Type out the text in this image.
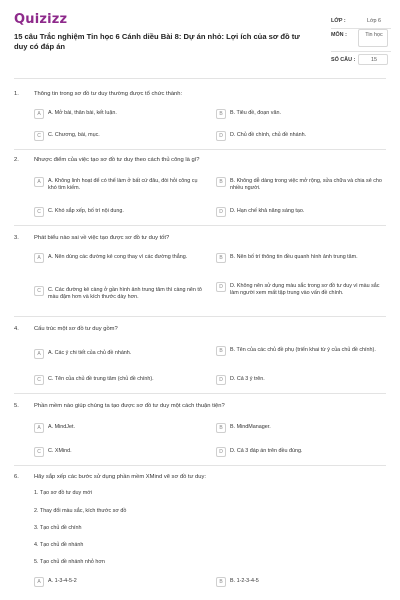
Quizizz
15 câu Trắc nghiệm Tin học 6 Cánh diều Bài 8: Dự án nhỏ: Lợi ích của sơ đồ tư duy có đáp án
LỚP :	Lớp 6
MÔN :	Tin học
SỐ CÂU :	15
1.	Thông tin trong sơ đồ tư duy thường được tổ chức thành:
A	A. Mở bài, thân bài, kết luận.	B	B. Tiêu đề, đoạn văn.
C	C. Chương, bài, mục.	D	D. Chủ đề chính, chủ đề nhánh.
2.	Nhược điểm của việc tạo sơ đồ tư duy theo cách thủ công là gì?
A	A. Không linh hoạt để có thể làm ở bất cứ đâu, đòi hỏi công cụ khó tìm kiếm.
B	B. Không dễ dàng trong việc mở rộng, sửa chữa và chia sẻ cho nhiều người.
C	C. Khó sắp xếp, bố trí nội dung.	D	D. Hạn chế khả năng sáng tạo.
3.	Phát biểu nào sai về việc tạo được sơ đồ tư duy tốt?
A	A. Nên dùng các đường kẻ cong thay vì các đường thẳng.	B	B. Nên bố trí thông tin đều quanh hình ảnh trung tâm.
C	C. Các đường kẻ càng ở gần hình ảnh trung tâm thì càng nên tô màu đậm hơn và kích thước dày hơn.
D	D. Không nên sử dụng màu sắc trong sơ đồ tư duy vì màu sắc làm người xem mất tập trung vào vấn đề chính.
4.	Cấu trúc một sơ đồ tư duy gồm?
A	A. Các ý chi tiết của chủ đề nhánh.	B	B. Tên của các chủ đề phụ (triển khai từ ý của chủ đề chính).
C	C. Tên của chủ đề trung tâm (chủ đề chính).	D	D. Cả 3 ý trên.
5.	Phần mềm nào giúp chúng ta tạo được sơ đồ tư duy một cách thuận tiện?
A	A. MindJet.	B	B. MindManager.
C	C. XMind.	D	D. Cả 3 đáp án trên đều đúng.
6.	Hãy sắp xếp các bước sử dụng phần mềm XMind vẽ sơ đồ tư duy:
1. Tạo sơ đồ tư duy mới
2. Thay đổi màu sắc, kích thước sơ đồ
3. Tạo chủ đề chính
4. Tạo chủ đề nhánh
5. Tạo chủ đề nhánh nhỏ hơn
A	A. 1-3-4-5-2	B	B. 1-2-3-4-5
